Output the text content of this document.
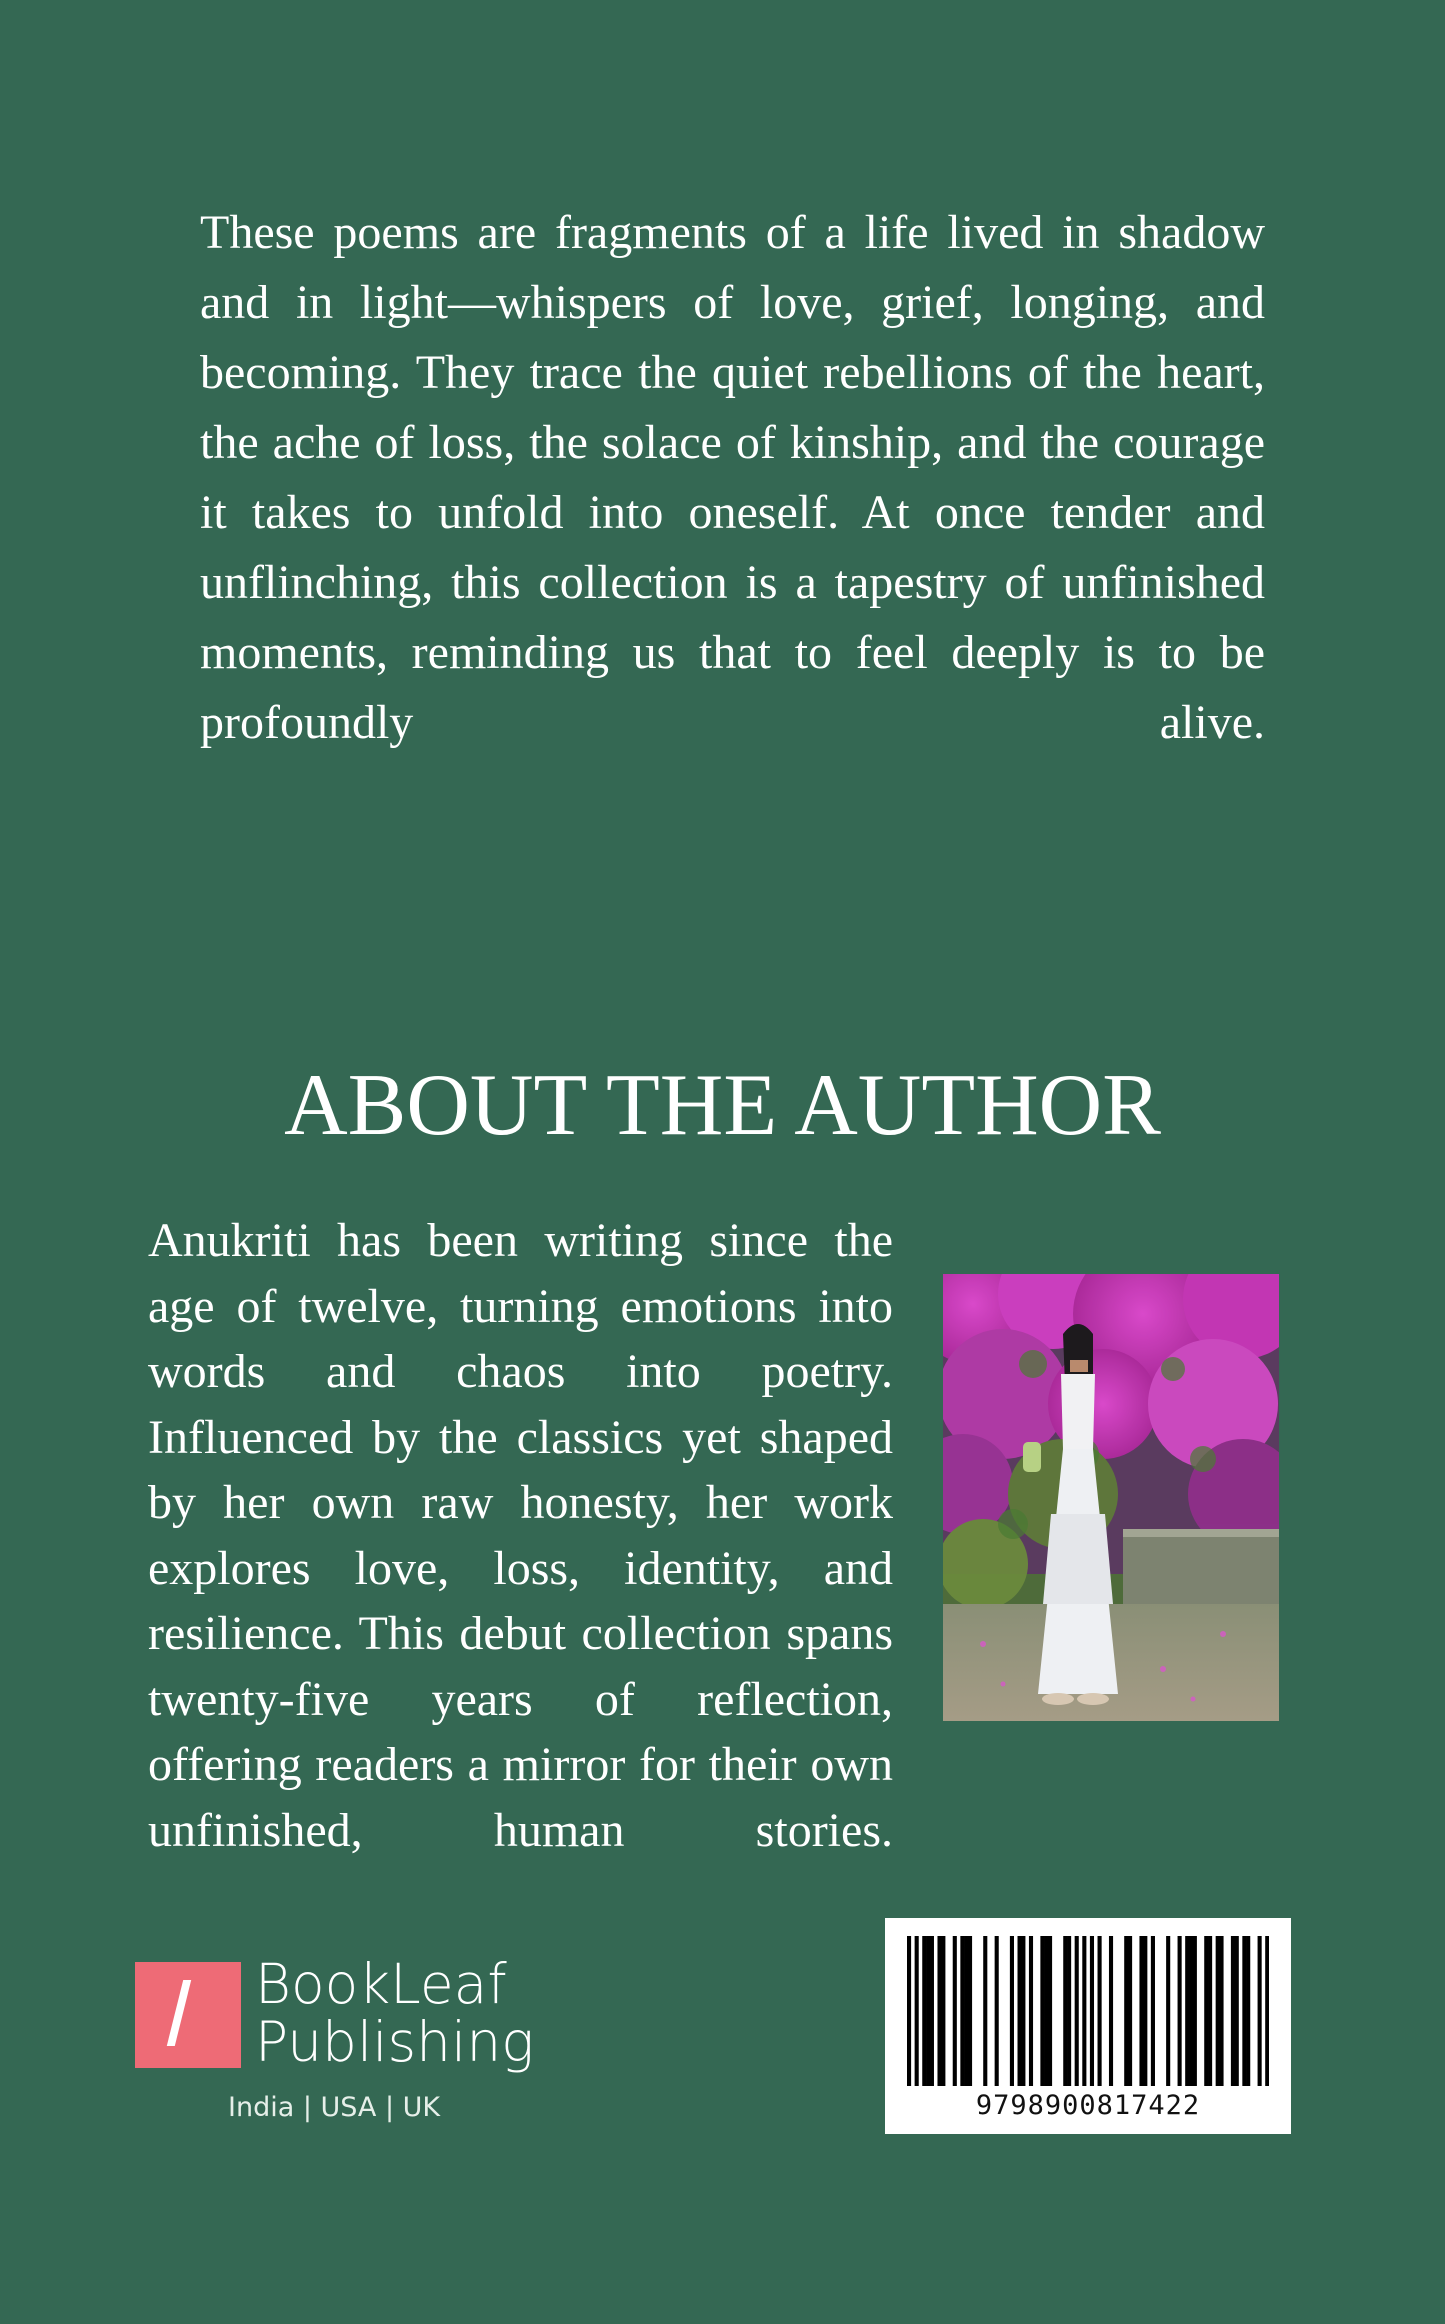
These poems are fragments of a life lived in shadow and in light—whispers of love, grief, longing, and becoming. They trace the quiet rebellions of the heart, the ache of loss, the solace of kinship, and the courage it takes to unfold into oneself. At once tender and unflinching, this collection is a tapestry of unfinished moments, reminding us that to feel deeply is to be profoundly alive.
ABOUT THE AUTHOR
Anukriti has been writing since the age of twelve, turning emotions into words and chaos into poetry. Influenced by the classics yet shaped by her own raw honesty, her work explores love, loss, identity, and resilience. This debut collection spans twenty-five years of reflection, offering readers a mirror for their own unfinished, human stories.
BookLeaf
Publishing
India | USA | UK	9798900817422
